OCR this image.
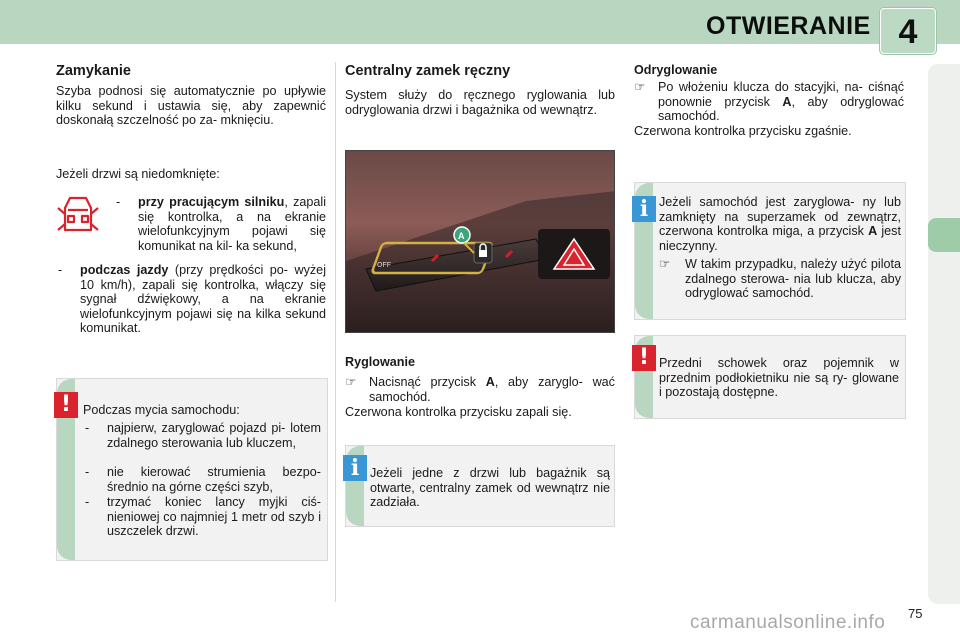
OTWIERANIE 4
Zamykanie
Szyba podnosi się automatycznie po upływie kilku sekund i ustawia się, aby zapewnić doskonałą szczelność po za- mknięciu.
Jeżeli drzwi są niedomknięte:
- przy pracującym silniku, zapali się kontrolka, a na ekranie wielofunkcyjnym pojawi się komunikat na kil- ka sekund,
- podczas jazdy (przy prędkości po- wyżej 10 km/h), zapali się kontrolka, włączy się sygnał dźwiękowy, a na ekranie wielofunkcyjnym pojawi się na kilka sekund komunikat.
Podczas mycia samochodu:
- najpierw, zaryglować pojazd pi- lotem zdalnego sterowania lub kluczem,
- nie kierować strumienia bezpo- średnio na górne części szyb,
- trzymać koniec lancy myjki ciś- nieniowej co najmniej 1 metr od szyb i uszczelek drzwi.
!
Centralny zamek ręczny
System służy do ręcznego ryglowania lub odryglowania drzwi i bagażnika od wewnątrz.
OFF
A
Ryglowanie
☞ Nacisnąć przycisk A, aby zaryglo- wać samochód.
Czerwona kontrolka przycisku zapali się.
Jeżeli jedne z drzwi lub bagażnik są otwarte, centralny zamek od wewnątrz nie zadziała.
i
Odryglowanie
☞ Po włożeniu klucza do stacyjki, na- ciśnąć ponownie przycisk A, aby odryglować samochód.
Czerwona kontrolka przycisku zgaśnie.
Jeżeli samochód jest zaryglowa- ny lub zamknięty na superzamek od zewnątrz, czerwona kontrolka miga, a przycisk A jest nieczynny.
☞ W takim przypadku, należy użyć pilota zdalnego sterowa- nia lub klucza, aby odryglować samochód.
i
Przedni schowek oraz pojemnik w przednim podłokietniku nie są ry- glowane i pozostają dostępne.
!
carmanualsonline.info 75
